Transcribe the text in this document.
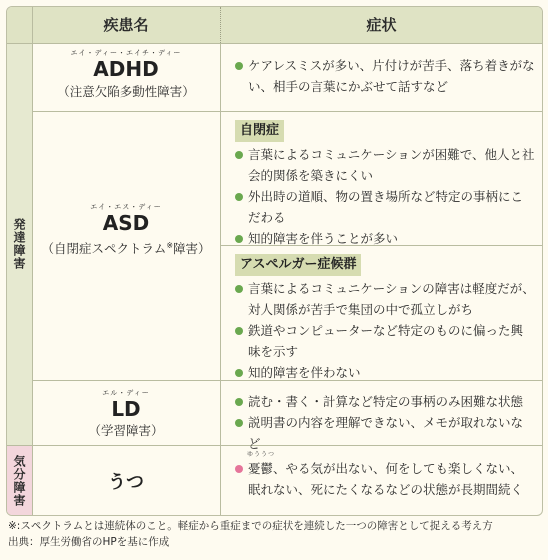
疾患名	症状
発達障害
気分障害
エイ・ディー・エイチ・ディー
ADHD
（注意欠陥多動性障害）
ケアレスミスが多い、片付けが苦手、落ち着きがない、相手の言葉にかぶせて話すなど
エイ・エス・ディー
ASD
（自閉症スペクトラム※障害）
自閉症
言葉によるコミュニケーションが困難で、他人と社会的関係を築きにくい
外出時の道順、物の置き場所など特定の事柄にこだわる
知的障害を伴うことが多い
アスペルガー症候群
言葉によるコミュニケーションの障害は軽度だが、対人関係が苦手で集団の中で孤立しがち
鉄道やコンピューターなど特定のものに偏った興味を示す
知的障害を伴わない
エル・ディー
LD
（学習障害）
読む・書く・計算など特定の事柄のみ困難な状態
説明書の内容を理解できない、メモが取れないなど
うつ
ゆううつ
憂鬱、やる気が出ない、何をしても楽しくない、眠れない、死にたくなるなどの状態が長期間続く
※:スペクトラムとは連続体のこと。軽症から重症までの症状を連続した一つの障害として捉える考え方
出典：厚生労働省のHPを基に作成
